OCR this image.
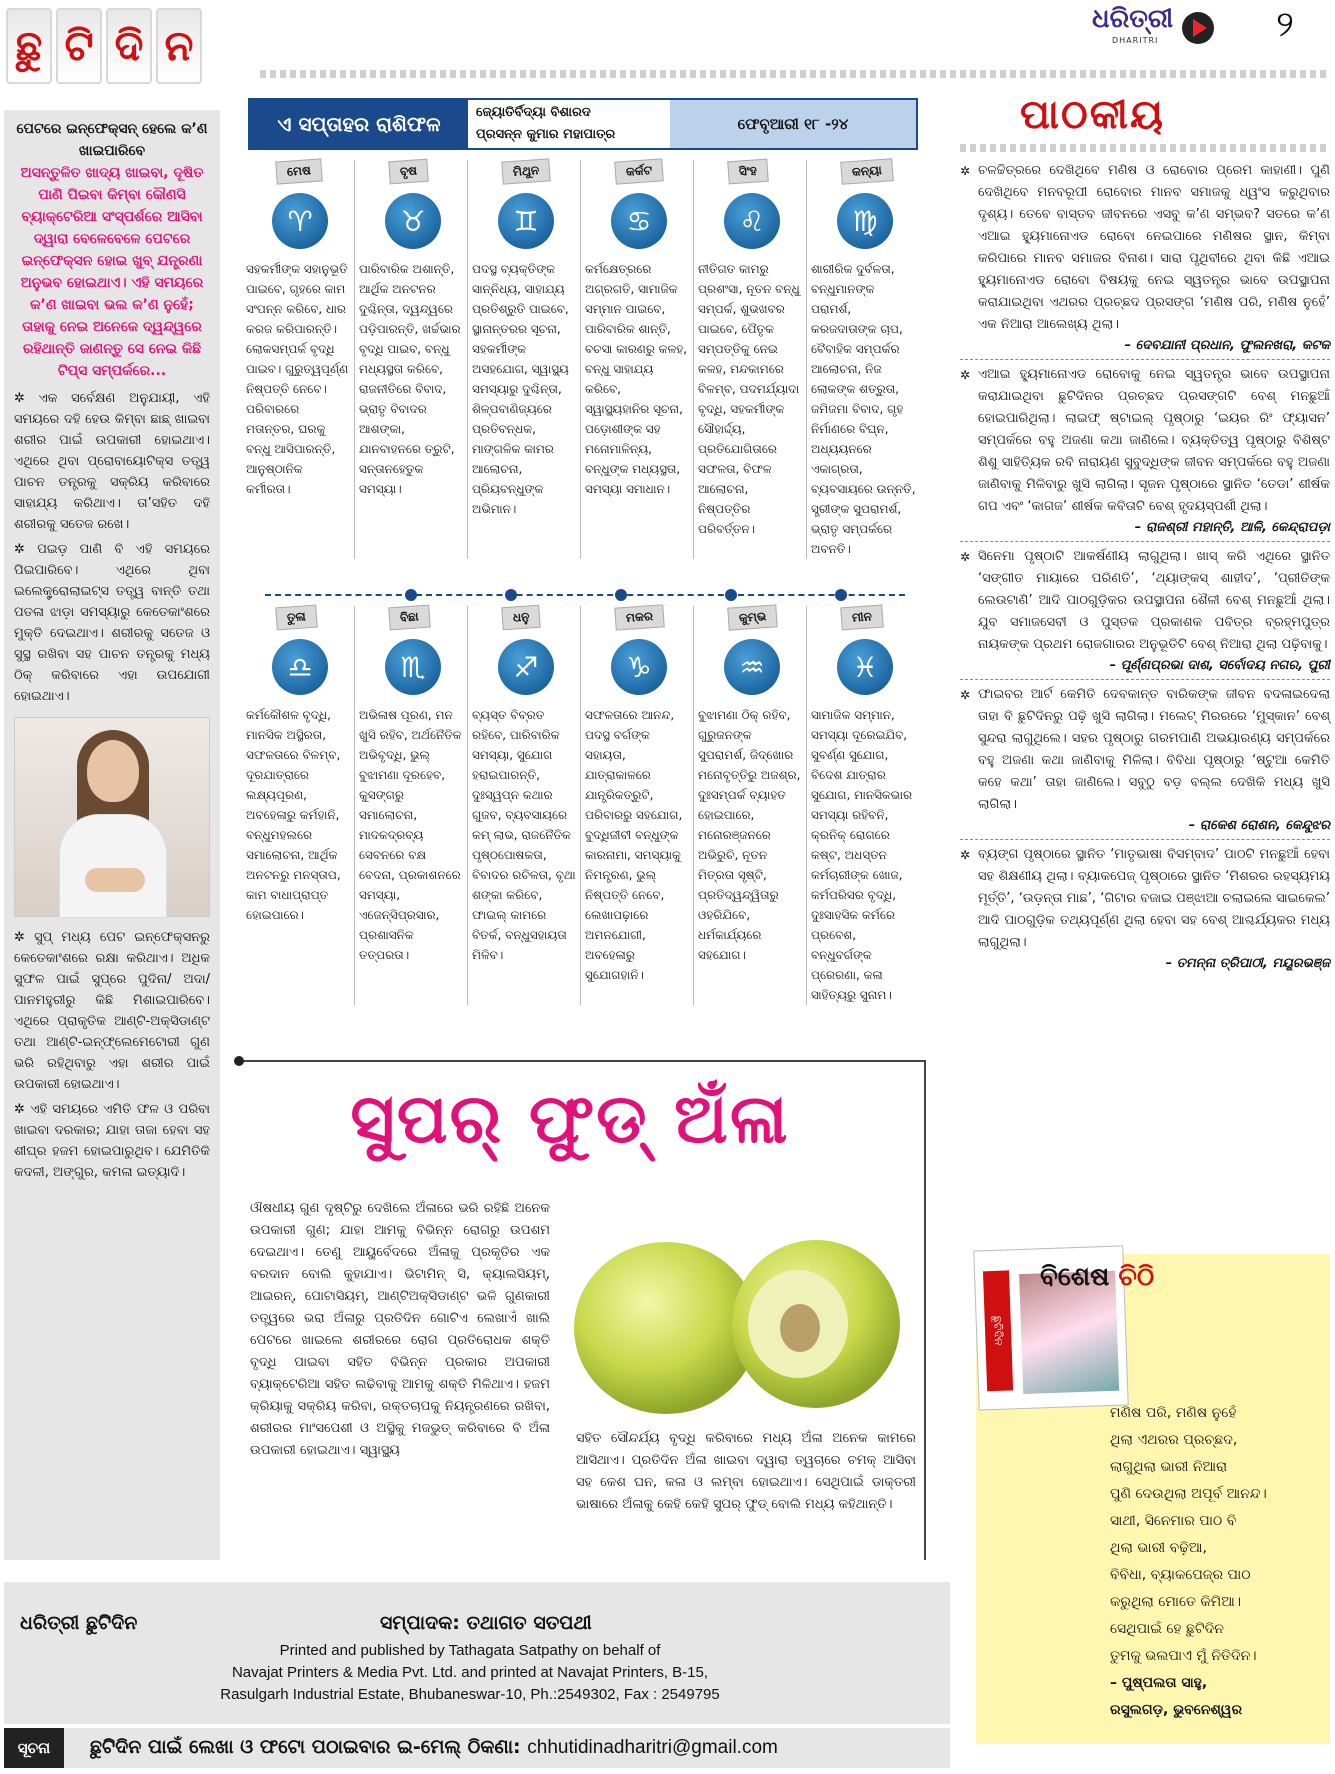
ଛୁ ଟି ଦି ନ
ଧରିତ୍ରୀ
DHARITRI	୨
ପେଟରେ ଇନ୍‌ଫେକ୍ସନ୍ ହେଲେ କ’ଣ ଖାଇପାରିବେ
ଅସନ୍ତୁଳିତ ଖାଦ୍ୟ ଖାଇବା, ଦୂଷିତ ପାଣି ପିଇବା କିମ୍ବା କୌଣସି ବ୍ୟାକ୍ଟେରିଆ ସଂସ୍ପର୍ଶରେ ଆସିବା ଦ୍ୱାରା ବେଳେବେଳେ ପେଟରେ ଇନ୍‌ଫେକ୍ସନ ହୋଇ ଖୁବ୍ ଯନ୍ତ୍ରଣା ଅନୁଭବ ହୋଇଥାଏ। ଏହି ସମୟରେ କ’ଣ ଖାଇବା ଭଲ କ’ଣ ନୁହେଁ; ତାହାକୁ ନେଇ ଅନେକେ ଦ୍ୱନ୍ଦ୍ୱରେ ରହିଥାନ୍ତି ଜାଣନ୍ତୁ ସେ ନେଇ କିଛି ଟିପ୍ସ ସମ୍ପର୍କରେ...

✲ ଏକ ସର୍ବେକ୍ଷଣ ଅନୁଯାୟୀ, ଏହି ସମୟରେ ଦହି ହେଉ କିମ୍ବା ଛାଛ୍ ଖାଇବା ଶରୀର ପାଇଁ ଉପକାରୀ ହୋଇଥାଏ। ଏଥିରେ ଥିବା ପ୍ରୋବାୟୋଟିକ୍ସ ତତ୍ତ୍ୱ ପାଚନ ତନ୍ତ୍ରକୁ ସକ୍ରିୟ କରିବାରେ ସାହାଯ୍ୟ କରିଥାଏ। ତା’ସହିତ ଦହି ଶରୀରକୁ ସତେଜ ରଖେ।

✲ ପଇଡ଼ ପାଣି ବି ଏହି ସମୟରେ ପିଇପାରିବେ। ଏଥିରେ ଥିବା ଇଲେକ୍ଟ୍ରୋଲାଇଟ୍ସ ତତ୍ତ୍ୱ ବାନ୍ତି ତଥା ପତଳା ଝାଡ଼ା ସମସ୍ୟାରୁ କେତେକାଂଶରେ ମୁକ୍ତି ଦେଇଥାଏ। ଶରୀରକୁ ସତେଜ ଓ ସୁସ୍ଥ ରଖିବା ସହ ପାଚନ ତନ୍ତ୍ରକୁ ମଧ୍ୟ ଠିକ୍ କରିବାରେ ଏହା ଉପଯୋଗୀ ହୋଇଥାଏ।

✲ ସୁପ୍ ମଧ୍ୟ ପେଟ ଇନ୍‌ଫେକ୍ସନରୁ କେତେକାଂଶରେ ରକ୍ଷା କରିଥାଏ। ଅଧିକ ସୁଫଳ ପାଇଁ ସୁପ୍‌ରେ ପୁଦିନା/ ଅଦା/ ପାନମହୁରୀରୁ କିଛି ମିଶାଇପାରିବେ। ଏଥିରେ ପ୍ରାକୃତିକ ଆଣ୍ଟି-ଅକ୍ସିଡାଣ୍ଟ ତଥା ଆଣ୍ଟି-ଇନ୍‌ଫ୍ଲେମେଟୋରୀ ଗୁଣ ଭରି ରହିଥିବାରୁ ଏହା ଶରୀର ପାଇଁ ଉପକାରୀ ହୋଇଥାଏ।

✲ ଏହି ସମୟରେ ଏମିତି ଫଳ ଓ ପରିବା ଖାଇବା ଦରକାର; ଯାହା ତାଜା ହେବା ସହ ଶୀଘ୍ର ହଜମ ହୋଇପାରୁଥିବ। ଯେମିତିକି କଦଳୀ, ଅଙ୍ଗୁର, କମଳା ଇତ୍ୟାଦି।

ଏ ସପ୍ତାହର ରାଶିଫଳ	ଜ୍ୟୋତିର୍ବିଦ୍ୟା ବିଶାରଦ
ପ୍ରସନ୍ନ କୁମାର ମହାପାତ୍ର
ଫେବୃଆରୀ ୧୮ -୨୪
ମେଷ
♈
ସହକର୍ମୀଙ୍କ ସହାନୁଭୂତି ପାଇବେ, ଗୃହରେ କାମ ସଂପନ୍ନ କରିବେ, ଧାର କରଜ କରିପାରନ୍ତି। ଲୋକସମ୍ପର୍କ ବୃଦ୍ଧି ପାଇବ। ଗୁରୁତ୍ୱପୂର୍ଣ୍ଣ ନିଷ୍ପତ୍ତି ନେବେ। ପରିବାରରେ ମତାନ୍ତର, ଘରକୁ ବନ୍ଧୁ ଆସିପାରନ୍ତି, ଆନୁଷ୍ଠାନିକ କର୍ମୀରତା।
ବୃଷ
♉
ପାରିବାରିକ ଅଶାନ୍ତି, ଆର୍ଥିକ ଅନଟନର ଦୁଶ୍ଚିନ୍ତା, ଦ୍ୱନ୍ଦ୍ୱରେ ପଡ଼ିପାରନ୍ତି, ଖର୍ଚ୍ଚଭାର ବୃଦ୍ଧି ପାଇବ, ବନ୍ଧୁ ମଧ୍ୟସ୍ଥତା କରିବେ, ରାଜନୀତିରେ ବିବାଦ, ଭ୍ରାତୃ ବିବାଦର ଆଶଙ୍କା, ଯାନବାହନରେ ତ୍ରୁଟି, ସନ୍ତାନହେତୁକ ସମସ୍ୟା।
ମିଥୁନ
♊
ପଦସ୍ଥ ବ୍ୟକ୍ତିଙ୍କ ସାନ୍ନିଧ୍ୟ, ସାହାଯ୍ୟ ପ୍ରତିଶ୍ରୁତି ପାଇବେ, ସ୍ଥାନାନ୍ତରର ସୂଚନା, ସହକର୍ମୀଙ୍କ ଅସହଯୋଗ, ସ୍ୱାସ୍ଥ୍ୟ ସମସ୍ୟାରୁ ଦୁଶ୍ଚିନ୍ତା, ଶିଳ୍ପବାଣିଜ୍ୟରେ ପ୍ରତିବନ୍ଧକ, ମାଙ୍ଗଳିକ କାମର ଆଲୋଚନା, ପ୍ରିୟବନ୍ଧୁଙ୍କ ଅଭିମାନ।
କର୍କଟ
♋
କର୍ମକ୍ଷେତ୍ରରେ ଅଗ୍ରଗତି, ସାମାଜିକ ସମ୍ମାନ ପାଇବେ, ପାରିବାରିକ ଶାନ୍ତି, ବଚସା କାରଣରୁ କଳହ, ବନ୍ଧୁ ସାହାଯ୍ୟ କରିବେ, ସ୍ୱାସ୍ଥ୍ୟହାନିର ସୂଚନା, ପଡ଼ୋଶୀଙ୍କ ସହ ମନୋମାଳିନ୍ୟ, ବନ୍ଧୁଙ୍କ ମଧ୍ୟସ୍ଥତା, ସମସ୍ୟା ସମାଧାନ।
ସିଂହ
♌
ନୀତିଗତ କାମରୁ ପ୍ରଶଂସା, ନୂତନ ବନ୍ଧୁ ସମ୍ପର୍କ, ଶୁଭଖବର ପାଇବେ, ପୈତୃକ ସମ୍ପତ୍ତିକୁ ନେଇ କଳହ, ମନ୍ଦକାମରେ ବିଳମ୍ବ, ପଦମର୍ଯ୍ୟାଦା ବୃଦ୍ଧି, ସହକର୍ମୀଙ୍କ ସୌହାର୍ଦ୍ଦ୍ୟ, ପ୍ରତିଯୋଗିତାରେ ସଫଳତା, ବିଫଳ ଆଲୋଚନା, ନିଷ୍ପତ୍ତିର ପରିବର୍ତ୍ତନ।
କନ୍ୟା
♍
ଶାରୀରିକ ଦୁର୍ବଳତା, ବନ୍ଧୁମାନଙ୍କ ପରାମର୍ଶ, କରଜଦାତାଙ୍କ ଚାପ, ବୈବାହିକ ସମ୍ପର୍କର ଆଲୋଚନା, ନିଜ ଲୋକଙ୍କ ଶତ୍ରୁତା, ଜମିଜମା ବିବାଦ, ଗୃହ ନିର୍ମାଣରେ ବିଘ୍ନ, ଅଧ୍ୟୟନରେ ଏକାଗ୍ରତା, ବ୍ୟବସାୟରେ ଉନ୍ନତି, ସ୍ତ୍ରୀଙ୍କ ସୁପରାମର୍ଶ, ଭ୍ରାତୃ ସମ୍ପର୍କରେ ଅବନତି।
ତୁଳା
♎
କର୍ମକୌଶଳ ବୃଦ୍ଧି, ମାନସିକ ଅସ୍ଥିରତା, ସଫଳତାରେ ବିଳମ୍ବ, ଦୂରଯାତ୍ରାରେ ଲକ୍ଷ୍ୟପୂରଣ, ଅବହେଳାରୁ କର୍ମହାନି, ବନ୍ଧୁମହଲରେ ସମାଲୋଚନା, ଆର୍ଥିକ ଅନଟନରୁ ମନସ୍ତାପ, କାମ ବାଧାପ୍ରାପ୍ତ ହୋଇପାରେ।
ବିଛା
♏
ଅଭିଳାଷ ପୂରଣ, ମନ ଖୁସି ରହିବ, ଅର୍ଥନୈତିକ ଅଭିବୃଦ୍ଧି, ଭୁଲ୍ ବୁଝାମଣା ଦୂରହେବ, କୁସଙ୍ଗରୁ ସମାଲୋଚନା, ମାଦକଦ୍ରବ୍ୟ ସେବନରେ ବକ୍ଷ ବେଦନା, ପ୍ରକାଶନରେ ସମସ୍ୟା, ଏଜେନ୍ସିପ୍ରସାର, ପ୍ରଶାସନିକ ତତ୍ପରତା।
ଧନୁ
♐
ବ୍ୟସ୍ତ ବିବ୍ରତ ରହିବେ, ପାରିବାରିକ ସମସ୍ୟା, ସୁଯୋଗ ହରାଇପାରନ୍ତି, ଦୁଃସ୍ୱପ୍ନ କଥାର ଗୁଜବ, ବ୍ୟବସାୟରେ କମ୍ ଲାଭ, ରାଜନୈତିକ ପୃଷ୍ଠପୋଷକତା, ବିବାଦର ରଚିଳତା, ବୃଥା ଶଙ୍କା କରିବେ, ଫାଇଲ୍ କାମରେ ବିତର୍କ, ବନ୍ଧୁସହାୟତା ମିଳିବ।
ମକର
♑
ସଫଳତାରେ ଆନନ୍ଦ, ପଦସ୍ଥ ବର୍ଗଙ୍କ ସହାୟତା, ଯାତ୍ରାକାଳରେ ଯାନ୍ତ୍ରିକତ୍ରୁଟି, ପରିବାରରୁ ସହଯୋଗ, ବୁଦ୍ଧିଜୀବୀ ବନ୍ଧୁଙ୍କ କାରନାମା, ସମସ୍ୟାକୁ ନିମନ୍ତ୍ରଣ, ଭୁଲ୍ ନିଷ୍ପତ୍ତି ନେବେ, ଲେଖାପଢ଼ାରେ ଅମନଯୋଗୀ, ଅବହେଳାରୁ ସୁଯୋଗହାନି।
କୁମ୍ଭ
♒
ବୁଝାମଣା ଠିକ୍ ରହିବ, ଗୁରୁଜନଙ୍କ ସୁପରାମର୍ଶ, ଜିଦ୍‌ଖୋର ମନୋବୃତ୍ତିରୁ ଅଜଶ୍ର, ଦୁଃସମ୍ପର୍କ ବ୍ୟାହତ ହୋଇପାରେ, ମନୋରଞ୍ଜନରେ ଅଭିରୁଚି, ନୂତନ ମିତ୍ରତା ସୃଷ୍ଟି, ପ୍ରତିଦ୍ୱନ୍ଦ୍ୱିତାରୁ ଓହରିଯିବେ, ଧର୍ମକାର୍ଯ୍ୟରେ ସହଯୋଗ।
ମୀନ
♓
ସାମାଜିକ ସମ୍ମାନ, ସମସ୍ୟା ଦୂରେଇଯିବ, ସୁବର୍ଣ୍ଣ ସୁଯୋଗ, ବିଦେଶ ଯାତ୍ରାର ସୁଯୋଗ, ମାନସିକଭାର ସମସ୍ୟା ରହିବନି, କ୍ରନିକ୍ ରୋଗରେ କଷ୍ଟ, ଅଧସ୍ତନ କର୍ମଚାରୀଙ୍କ ଖୋଜ, କର୍ମପରିସର ବୃଦ୍ଧି, ଦୁଃସାହସିକ କର୍ମରେ ପ୍ରବେଶ, ବନ୍ଧୁବର୍ଗଙ୍କ ପ୍ରେରଣା, କଳା ସାହିତ୍ୟରୁ ସୁନାମ।
ସୁପର୍ ଫୁଡ୍ ଅଁଳା
ଔଷଧୀୟ ଗୁଣ ଦୃଷ୍ଟିରୁ ଦେଖିଲେ ଅଁଳାରେ ଭରି ରହିଛି ଅନେକ ଉପକାରୀ ଗୁଣ; ଯାହା ଆମକୁ ବିଭିନ୍ନ ରୋଗରୁ ଉପଶମ ଦେଇଥାଏ। ତେଣୁ ଆୟୁର୍ବେଦରେ ଅଁଳାକୁ ପ୍ରକୃତିର ଏକ ବରଦାନ ବୋଲି କୁହାଯାଏ। ଭିଟାମିନ୍ ସି, କ୍ୟାଲସିୟମ୍, ଆଇରନ୍, ପୋଟାସିୟମ୍, ଆଣ୍ଟିଅକ୍ସିଡାଣ୍ଟ ଭଳି ଗୁଣକାରୀ ତତ୍ତ୍ୱରେ ଭରା ଅଁଳାରୁ ପ୍ରତିଦିନ ଗୋଟିଏ ଲେଖାଏଁ ଖାଲି ପେଟରେ ଖାଇଲେ ଶରୀରରେ ରୋଗ ପ୍ରତିରୋଧକ ଶକ୍ତି ବୃଦ୍ଧି ପାଇବା ସହିତ ବିଭିନ୍ନ ପ୍ରକାର ଅପକାରୀ ବ୍ୟାକ୍ଟେରିଆ ସହିତ ଲଢିବାକୁ ଆମକୁ ଶକ୍ତି ମିଳିଥାଏ। ହଜମ କ୍ରିୟାକୁ ସକ୍ରିୟ କରିବା, ରକ୍ତଚାପକୁ ନିୟନ୍ତ୍ରଣରେ ରଖିବା, ଶରୀରର ମାଂସପେଶୀ ଓ ଅସ୍ଥିକୁ ମଜଭୁତ୍ କରିବାରେ ବି ଅଁଳା ଉପକାରୀ ହୋଇଥାଏ। ସ୍ୱାସ୍ଥ୍ୟ
ସହିତ ସୌନ୍ଦର୍ଯ୍ୟ ବୃଦ୍ଧି କରିବାରେ ମଧ୍ୟ ଅଁଳା ଅନେକ କାମରେ ଆସିଥାଏ। ପ୍ରତିଦିନ ଅଁଳା ଖାଇବା ଦ୍ୱାରା ତ୍ୱଚାରେ ଚମକ୍ ଆସିବା ସହ କେଶ ଘନ, କଳା ଓ ଲମ୍ବା ହୋଇଥାଏ। ସେଥିପାଇଁ ଡାକ୍ତରୀ ଭାଷାରେ ଅଁଳାକୁ କେହି କେହି ସୁପର୍ ଫୁଡ୍ ବୋଲି ମଧ୍ୟ କହିଥାନ୍ତି।
ପାଠକୀୟ

✲ ଚଳଚ୍ଚିତ୍ରରେ ଦେଖିଥିବେ ମଣିଷ ଓ ରୋବୋର ପ୍ରେମ କାହାଣୀ। ପୁଣି ଦେଖିଥିବେ ମନବରୂପୀ ରୋବୋର ମାନବ ସମାଜକୁ ଧ୍ୱଂସ କରୁଥିବାର ଦୃଶ୍ୟ। ତେବେ ବାସ୍ତବ ଜୀବନରେ ଏସବୁ କ’ଣ ସମ୍ଭବ? ସତରେ କ’ଣ ଏଆଇ ହ୍ୟୁମାନୋଏଡ ରୋବୋ ନେଇପାରେ ମଣିଷର ସ୍ଥାନ, କିମ୍ବା କରିପାରେ ମାନବ ସମାଜର ବିନାଶ। ସାରା ପୃଥିବୀରେ ଥିବା କିଛି ଏଆଇ ହ୍ୟୁମାନୋଏଡ ରୋବୋ ବିଷୟକୁ ନେଇ ସ୍ୱତନ୍ତ୍ର ଭାବେ ଉପସ୍ଥାପନା କରାଯାଇଥିବା ଏଥରର ପ୍ରଚ୍ଛଦ ପ୍ରସଙ୍ଗ ‘ମଣିଷ ପରି, ମଣିଷ ନୁହେଁ’ ଏକ ନିଆରା ଆଲେଖ୍ୟ ଥିଲା।

– ଦେବଯାନୀ ପ୍ରଧାନ, ଫୁଲନଖରା, କଟକ

✲ ଏଆଇ ହ୍ୟୁମାନୋଏଡ ରୋବୋକୁ ନେଇ ସ୍ୱତନ୍ତ୍ର ଭାବେ ଉପସ୍ଥାପନା କରାଯାଇଥିବା ଛୁଟିଦିନର ପ୍ରଚ୍ଛଦ ପ୍ରସଙ୍ଗଟି ବେଶ୍ ମନଛୁଆଁ ହୋଇପାରିଥିଲା। ଲାଇଫ୍ ଷ୍ଟାଇଲ୍ ପୃଷ୍ଠାରୁ ‘ଇୟର ରିଂ ଫ୍ୟାସନ’ ସମ୍ପର୍କରେ ବହୁ ଅଜଣା କଥା ଜାଣିଲେ। ବ୍ୟକ୍ତିତ୍ୱ ପୃଷ୍ଠାରୁ ବିଶିଷ୍ଟ ଶିଶୁ ସାହିତ୍ୟିକ ରବି ନାରାୟଣ ସୁବୁଦ୍ଧିଙ୍କ ଜୀବନ ସମ୍ପର୍କରେ ବହୁ ଅଜଣା ଜାଣିବାକୁ ମିଳିବାରୁ ଖୁସି ଲାଗିଲା। ସୃଜନ ପୃଷ୍ଠାରେ ସ୍ଥାନିତ ‘ତେଡା’ ଶୀର୍ଷକ ଗପ ଏବଂ ‘କାଗଜ’ ଶୀର୍ଷକ କବିତାଟି ବେଶ୍ ହୃଦୟସ୍ପର୍ଶୀ ଥିଲା।

– ରାଜଶ୍ରୀ ମହାନ୍ତି, ଆଳି, କେନ୍ଦ୍ରାପଡ଼ା

✲ ସିନେମା ପୃଷ୍ଠାଟି ଆକର୍ଷଣୀୟ ଲାଗୁଥିଲା। ଖାସ୍ କରି ଏଥିରେ ସ୍ଥାନିତ ‘ସଙ୍ଗୀତ ମାୟାରେ ପରିଣତି’, ‘ଥ୍ୟାଙ୍କସ୍ ଶାହୀଦ’, ‘ପ୍ରୀତିଙ୍କ ଲେଉଟାଣି’ ଆଦି ପାଠଗୁଡ଼ିକର ଉପସ୍ଥାପନା ଶୈଳୀ ବେଶ୍ ମନଛୁଆଁ ଥିଲା। ଯୁବ ସମାଜସେବୀ ଓ ପୁସ୍ତକ ପ୍ରକାଶକ ପବିତ୍ର ବ୍ରହ୍ମପୁତ୍ର ନାୟକଙ୍କ ପ୍ରଥମ ରୋଜଗାରର ଅନୁଭୂତିଟି ବେଶ୍ ନିଆରା ଥିଲା ପଢ଼ିବାକୁ।

– ପୂର୍ଣ୍ଣପ୍ରଭା ଦାଶ, ସର୍ବୋଦୟ ନଗର, ପୁରୀ

✲ ଫାଇବର ଆର୍ଟ କେମିତି ଦେବକାନ୍ତ ବାରିକଙ୍କ ଜୀବନ ବଦଳାଇଦେଲା ତାହା ବି ଛୁଟିଦିନରୁ ପଢ଼ି ଖୁସି ଲାଗିଲା। ମଲେଟ୍ ମିରରରେ ‘ମୁସ୍କାନ’ ବେଶ୍ ସୁନ୍ଦରା ଲାଗୁଥିଲେ। ସହର ପୃଷ୍ଠାରୁ ଗରମପାଣି ଅଭୟାରଣ୍ୟ ସମ୍ପର୍କରେ ବହୁ ଅଜଣା କଥା ଜାଣିବାକୁ ମିଳିଲା। ବିବିଧା ପୃଷ୍ଠାରୁ ‘ଷ୍ଟୁଆ କେମିତି କହେ କଥା’ ତାହା ଜାଣିଲେ। ସବୁଠୁ ବଡ଼ ବଲ୍ଲ ଦେଖିକି ମଧ୍ୟ ଖୁସି ଲାଗିଲା।

– ରାକେଶ ରୋଶନ, କେନ୍ଦୁଝର

✲ ବ୍ୟଙ୍ଗ ପୃଷ୍ଠାରେ ସ୍ଥାନିତ ‘ମାତୃଭାଷା ବିସମ୍ବାଦ’ ପାଠଟି ମନଛୁଆଁ ହେବା ସହ ଶିକ୍ଷଣୀୟ ଥିଲା। ବ୍ୟାକପେଜ୍ ପୃଷ୍ଠାରେ ସ୍ଥାନିତ ‘ମିଶରର ରହସ୍ୟମୟ ମୂର୍ତ୍ତି’, ‘ଉଡ଼ନ୍ତା ମାଛ’, ‘ଗିଟାର ବଜାଇ ପଞ୍ଝାଆ ଚଲାଇଲେ ସାଇକେଲ’ ଆଦି ପାଠଗୁଡ଼ିକ ତଥ୍ୟପୂର୍ଣ୍ଣ ଥିଲା ହେବା ସହ ବେଶ୍ ଆଶ୍ଚର୍ଯ୍ୟକର ମଧ୍ୟ ଲାଗୁଥିଲା।

– ତମନ୍ନା ତ୍ରିପାଠୀ, ମୟୂରଭଞ୍ଜ

ଛୁଟିଦିନ
ବିଶେଷ ଚିଠି
ମଣିଷ ପରି, ମଣିଷ ନୁହେଁ
ଥିଲା ଏଥରର ପ୍ରଚ୍ଛଦ,
ଲାଗୁଥିଲା ଭାରୀ ନିଆରା
ପୁଣି ଦେଉଥିଲା ଅପୂର୍ବ ଆନନ୍ଦ।
ସାଥୀ, ସିନେମାର ପାଠ ବି
ଥିଲା ଭାରୀ ବଢ଼ିଆ,
ବିବିଧା, ବ୍ୟାକପେଜ୍‌ର ପାଠ
କରୁଥିଲା ମୋତେ କିମିଆ।
ସେଥିପାଇଁ ହେ ଛୁଟିଦିନ
ତୁମକୁ ଭଲପାଏ ମୁଁ ନିତିଦିନ।
– ପୁଷ୍ପଲତା ସାହୁ,
ରସୁଲଗଡ଼, ଭୁବନେଶ୍ୱର
ଧରିତ୍ରୀ ଛୁଟିଦିନ	ସମ୍ପାଦକ: ତଥାଗତ ସତପଥୀ
Printed and published by Tathagata Satpathy on behalf of
Navajat Printers & Media Pvt. Ltd. and printed at Navajat Printers, B-15,
Rasulgarh Industrial Estate, Bhubaneswar-10, Ph.:2549302, Fax : 2549795
ସୂଚନା	ଛୁଟିଦିନ ପାଇଁ ଲେଖା ଓ ଫଟୋ ପଠାଇବାର ଇ-ମେଲ୍ ଠିକଣା: chhutidinadharitri@gmail.com
